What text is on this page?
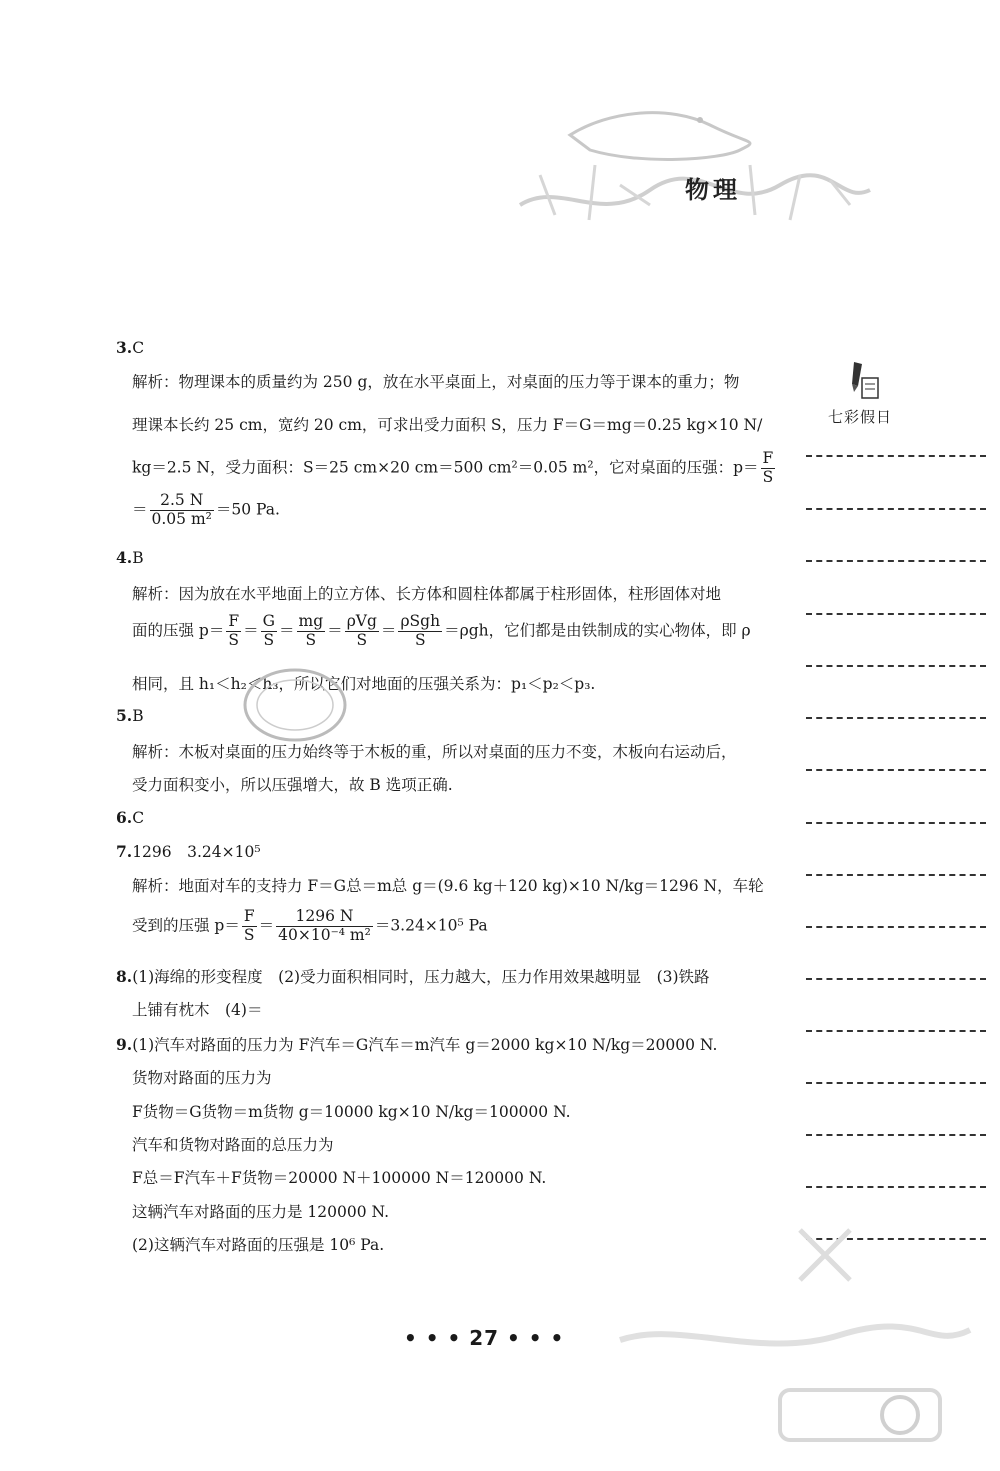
物理
3.C
解析：物理课本的质量约为 250 g，放在水平桌面上，对桌面的压力等于课本的重力；物
理课本长约 25 cm，宽约 20 cm，可求出受力面积 S，压力 F＝G＝mg＝0.25 kg×10 N/
kg＝2.5 N，受力面积：S＝25 cm×20 cm＝500 cm²＝0.05 m²，它对桌面的压强：$p= \frac{F}{S}$
＝ $\frac{2.5 N}{\text{0.05 m²}} =50$ Pa.
4.B
解析：因为放在水平地面上的立方体、长方体和圆柱体都属于柱形固体，柱形固体对地
面的压强 $p= \frac{F}{S} = \frac{G}{S} = \frac{mg}{S} = \frac{\text{ρVg}}{S} = \frac{\text{ρSgh}}{S} =\rho gh$，它们都是由铁制成的实心物体，即 ρ
相同，且 h₁＜h₂＜h₃，所以它们对地面的压强关系为：p₁＜p₂＜p₃.
5.B
解析：木板对桌面的压力始终等于木板的重，所以对桌面的压力不变，木板向右运动后，
受力面积变小，所以压强增大，故 B 选项正确.
6.C
7.1296　3.24×10⁵
解析：地面对车的支持力 F＝G总＝m总 g＝(9.6 kg＋120 kg)×10 N/kg＝1296 N，车轮
受到的压强 $p= \frac{F}{S} = \frac{1296 N}{\text{40×10⁻⁴ m²}} =3.24\times 10^5$ Pa
8.(1)海绵的形变程度　(2)受力面积相同时，压力越大，压力作用效果越明显　(3)铁路
上铺有枕木　(4)＝
9.(1)汽车对路面的压力为 F汽车＝G汽车＝m汽车 g＝2000 kg×10 N/kg＝20000 N.
货物对路面的压力为
F货物＝G货物＝m货物 g＝10000 kg×10 N/kg＝100000 N.
汽车和货物对路面的总压力为
F总＝F汽车＋F货物＝20000 N＋100000 N＝120000 N.
这辆汽车对路面的压力是 120000 N.
(2)这辆汽车对路面的压强是 10⁶ Pa.
七彩假日
• • • 27 • • •
